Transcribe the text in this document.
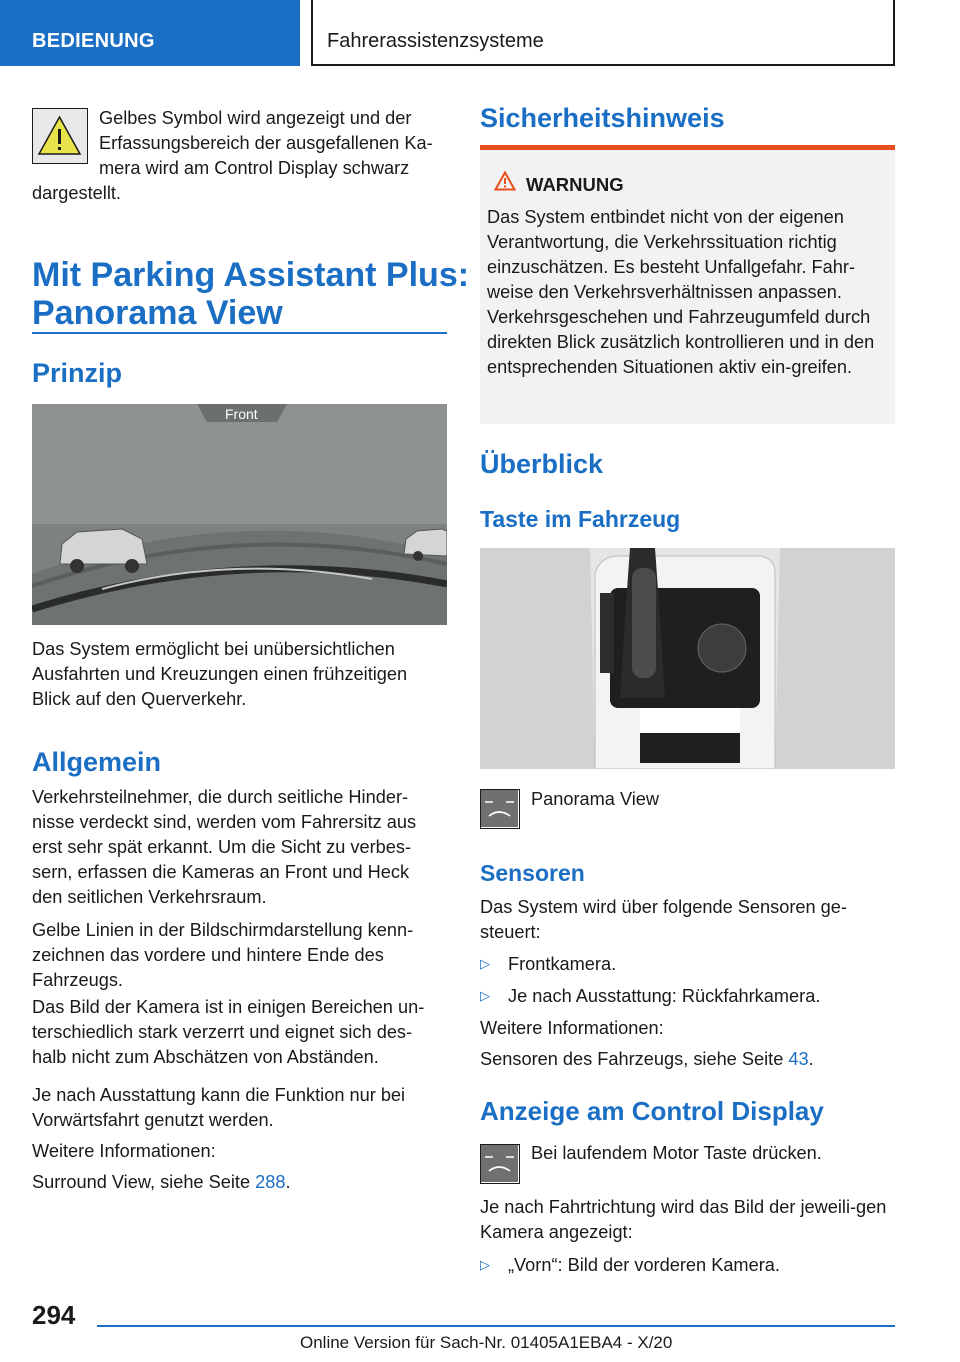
BEDIENUNG	Fahrerassistenzsysteme

Gelbes Symbol wird angezeigt und der

Erfassungsbereich der ausgefallenen Ka-

mera wird am Control Display schwarz

dargestellt.

Mit Parking Assistant Plus:
Panorama View
Prinzip
Front

Das System ermöglicht bei unübersichtlichen Ausfahrten und Kreuzungen einen frühzeitigen Blick auf den Querverkehr.

Allgemein

Verkehrsteilnehmer, die durch seitliche Hinder-nisse verdeckt sind, werden vom Fahrersitz aus erst sehr spät erkannt. Um die Sicht zu verbes-sern, erfassen die Kameras an Front und Heck den seitlichen Verkehrsraum.

Gelbe Linien in der Bildschirmdarstellung kenn-zeichnen das vordere und hintere Ende des Fahrzeugs.

Das Bild der Kamera ist in einigen Bereichen un-terschiedlich stark verzerrt und eignet sich des-halb nicht zum Abschätzen von Abständen.

Je nach Ausstattung kann die Funktion nur bei Vorwärtsfahrt genutzt werden.

Weitere Informationen:

Surround View, siehe Seite 288.

Sicherheitshinweis
WARNUNG

Das System entbindet nicht von der eigenen Verantwortung, die Verkehrssituation richtig einzuschätzen. Es besteht Unfallgefahr. Fahr-weise den Verkehrsverhältnissen anpassen. Verkehrsgeschehen und Fahrzeugumfeld durch direkten Blick zusätzlich kontrollieren und in den entsprechenden Situationen aktiv ein-greifen.

Überblick
Taste im Fahrzeug

Panorama View

Sensoren

Das System wird über folgende Sensoren ge-steuert:

▷ Frontkamera.

▷ Je nach Ausstattung: Rückfahrkamera.

Weitere Informationen:

Sensoren des Fahrzeugs, siehe Seite 43.

Anzeige am Control Display

Bei laufendem Motor Taste drücken.

Je nach Fahrtrichtung wird das Bild der jeweili-gen Kamera angezeigt:

▷ „Vorn“: Bild der vorderen Kamera.

294
Online Version für Sach-Nr. 01405A1EBA4 - X/20
